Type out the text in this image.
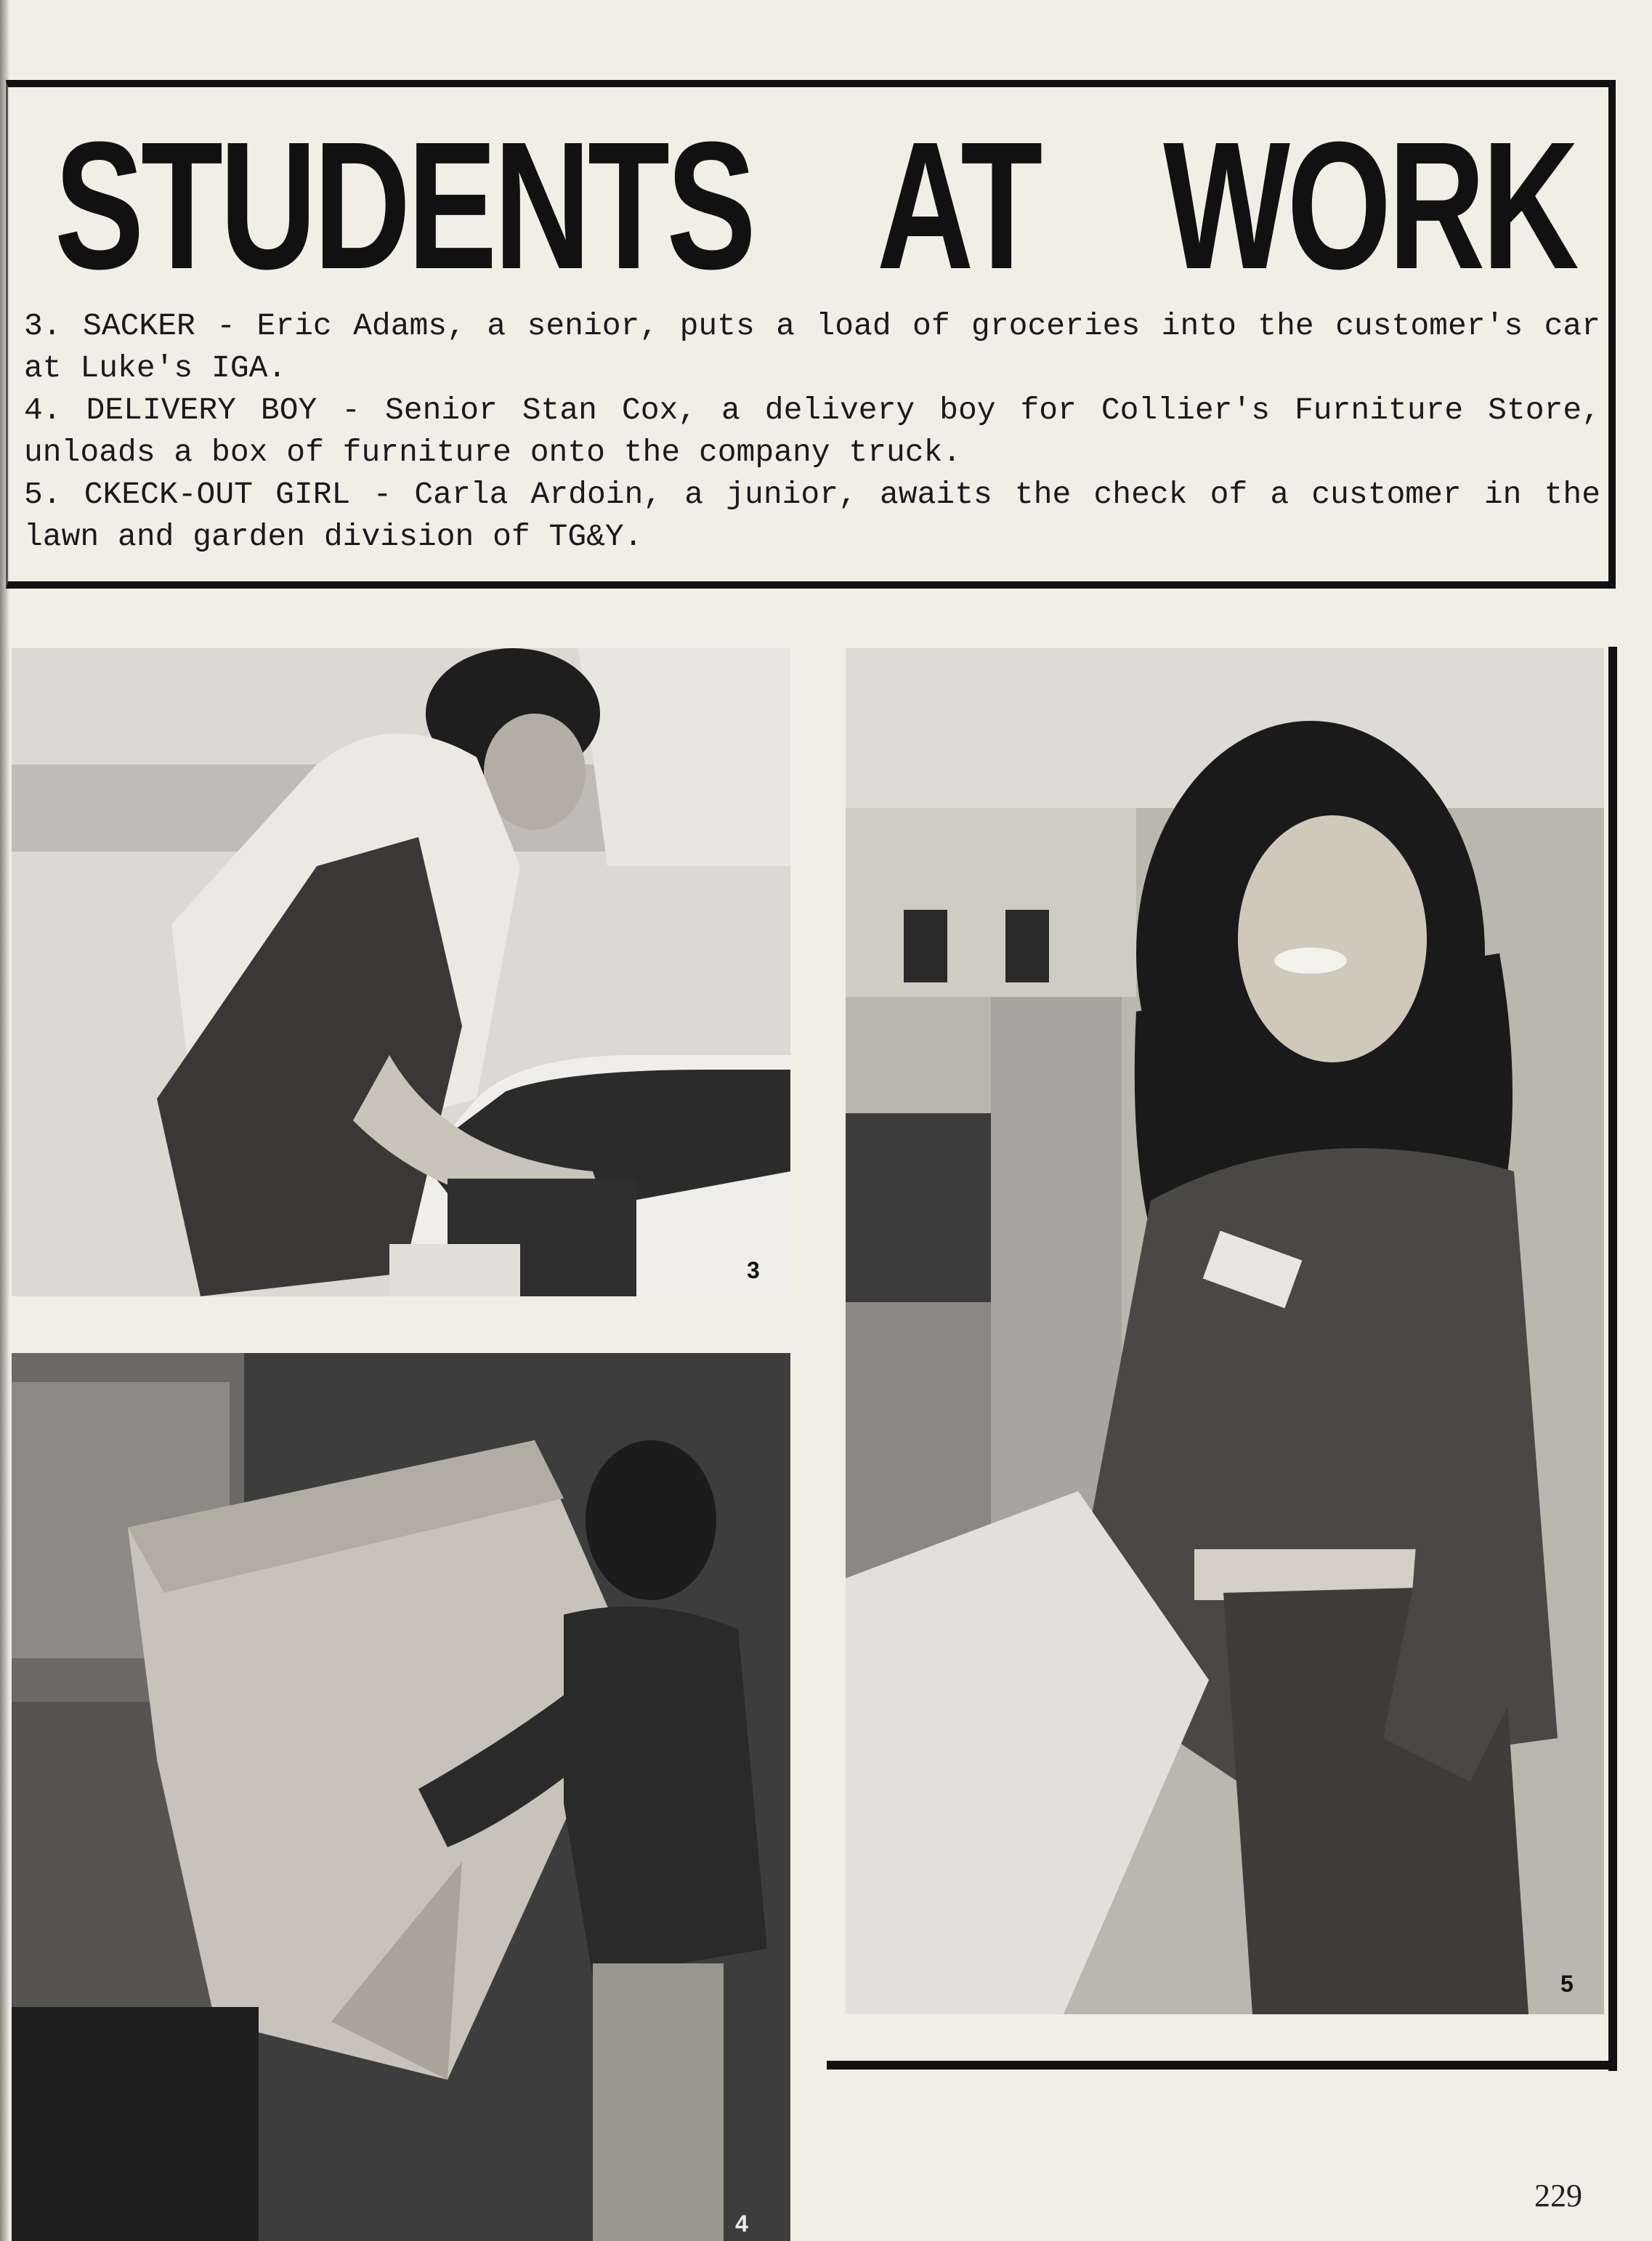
STUDENTS AT WORK

3. SACKER - Eric Adams, a senior, puts a load of groceries into the customer's car at Luke's IGA.

4. DELIVERY BOY - Senior Stan Cox, a delivery boy for Collier's Furniture Store, unloads a box of furniture onto the company truck.

5. CKECK-OUT GIRL - Carla Ardoin, a junior, awaits the check of a customer in the lawn and garden division of TG&Y.

3
4
5
229
